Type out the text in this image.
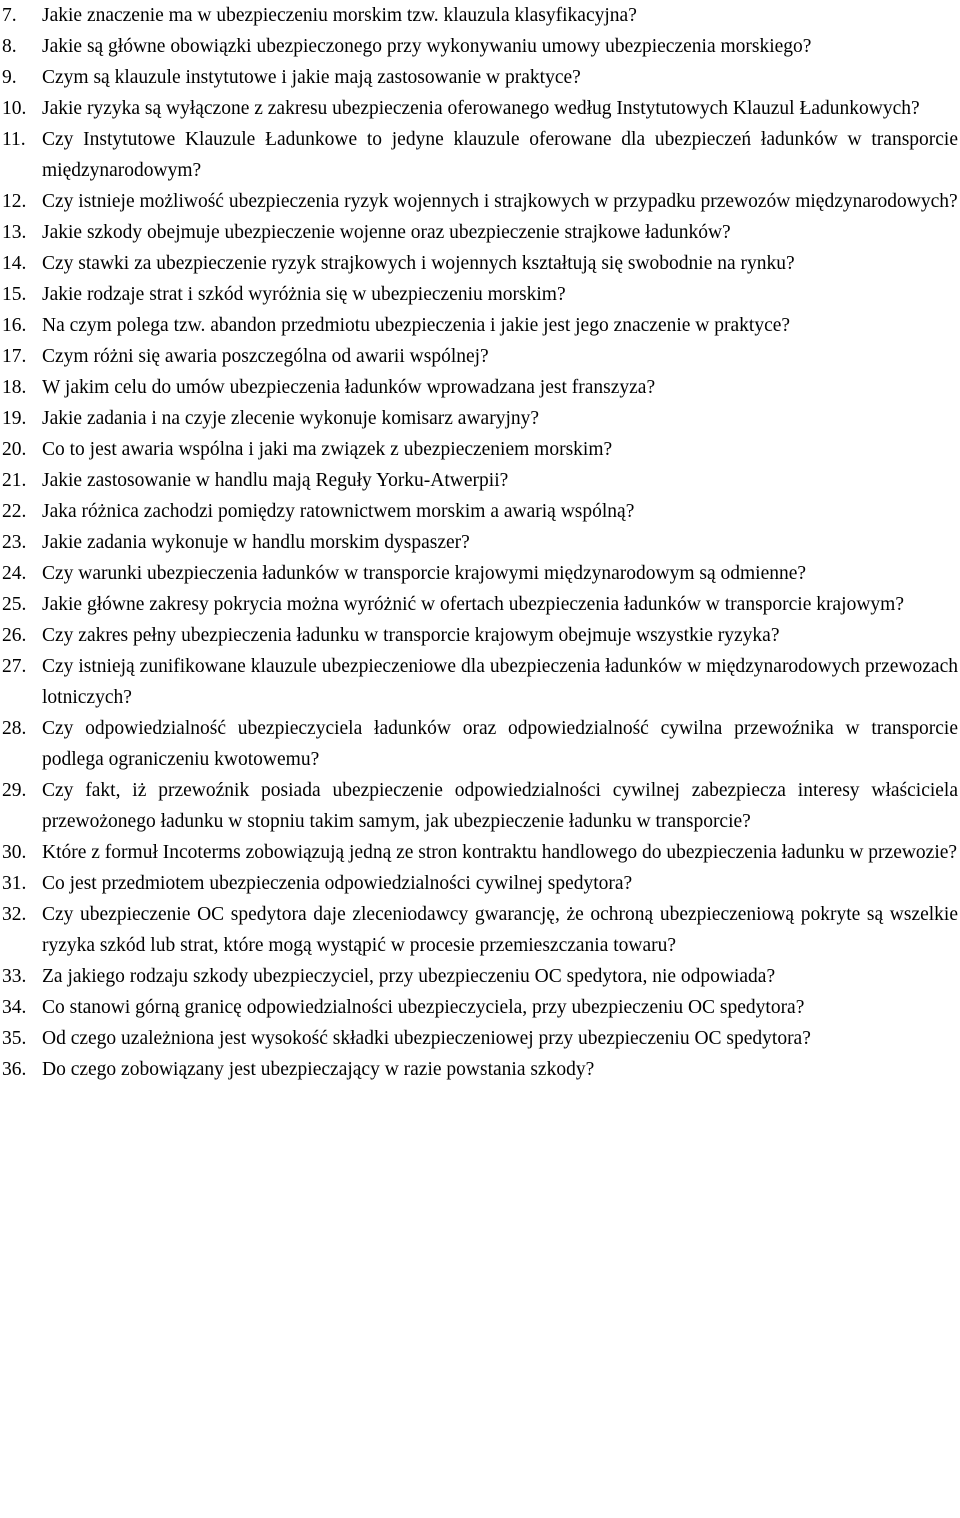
7.	Jakie znaczenie ma w ubezpieczeniu morskim tzw. klauzula klasyfikacyjna?
8.	Jakie są główne obowiązki ubezpieczonego przy wykonywaniu umowy ubezpieczenia morskiego?
9.	Czym są klauzule instytutowe i jakie mają zastosowanie w praktyce?
10. Jakie ryzyka są wyłączone z zakresu ubezpieczenia oferowanego według Instytutowych Klauzul Ładunkowych?
11. Czy Instytutowe Klauzule Ładunkowe to jedyne klauzule oferowane dla ubezpieczeń ładunków w transporcie międzynarodowym?
12. Czy istnieje możliwość ubezpieczenia ryzyk wojennych i strajkowych w przypadku przewozów międzynarodowych?
13. Jakie szkody obejmuje ubezpieczenie wojenne oraz ubezpieczenie strajkowe ładunków?
14. Czy stawki za ubezpieczenie ryzyk strajkowych i wojennych kształtują się swobodnie na rynku?
15. Jakie rodzaje strat i szkód wyróżnia się w ubezpieczeniu morskim?
16. Na czym polega tzw. abandon przedmiotu ubezpieczenia i jakie jest jego znaczenie w praktyce?
17. Czym różni się awaria poszczególna od awarii wspólnej?
18. W jakim celu do umów ubezpieczenia ładunków wprowadzana jest franszyza?
19. Jakie zadania i na czyje zlecenie wykonuje komisarz awaryjny?
20. Co to jest awaria wspólna i jaki ma związek z ubezpieczeniem morskim?
21. Jakie zastosowanie w handlu mają Reguły Yorku-Atwerpii?
22. Jaka różnica zachodzi pomiędzy ratownictwem morskim a awarią wspólną?
23. Jakie zadania wykonuje w handlu morskim dyspaszer?
24. Czy warunki ubezpieczenia ładunków w transporcie krajowymi międzynarodowym są odmienne?
25. Jakie główne zakresy pokrycia można wyróżnić w ofertach ubezpieczenia ładunków w transporcie krajowym?
26. Czy zakres pełny ubezpieczenia ładunku w transporcie krajowym obejmuje wszystkie ryzyka?
27. Czy istnieją zunifikowane klauzule ubezpieczeniowe dla ubezpieczenia ładunków w międzynarodowych przewozach lotniczych?
28. Czy odpowiedzialność ubezpieczyciela ładunków oraz odpowiedzialność cywilna przewoźnika w transporcie podlega ograniczeniu kwotowemu?
29. Czy fakt, iż przewoźnik posiada ubezpieczenie odpowiedzialności cywilnej zabezpiecza interesy właściciela przewożonego ładunku w stopniu takim samym, jak ubezpieczenie ładunku w transporcie?
30. Które z formuł Incoterms zobowiązują jedną ze stron kontraktu handlowego do ubezpieczenia ładunku w przewozie?
31. Co jest przedmiotem ubezpieczenia odpowiedzialności cywilnej spedytora?
32. Czy ubezpieczenie OC spedytora daje zleceniodawcy gwarancję, że ochroną ubezpieczeniową pokryte są wszelkie ryzyka szkód lub strat, które mogą wystąpić w procesie przemieszczania towaru?
33. Za jakiego rodzaju szkody ubezpieczyciel, przy ubezpieczeniu OC spedytora, nie odpowiada?
34. Co stanowi górną granicę odpowiedzialności ubezpieczyciela, przy ubezpieczeniu OC spedytora?
35. Od czego uzależniona jest wysokość składki ubezpieczeniowej przy ubezpieczeniu OC spedytora?
36. Do czego zobowiązany jest ubezpieczający w razie powstania szkody?
